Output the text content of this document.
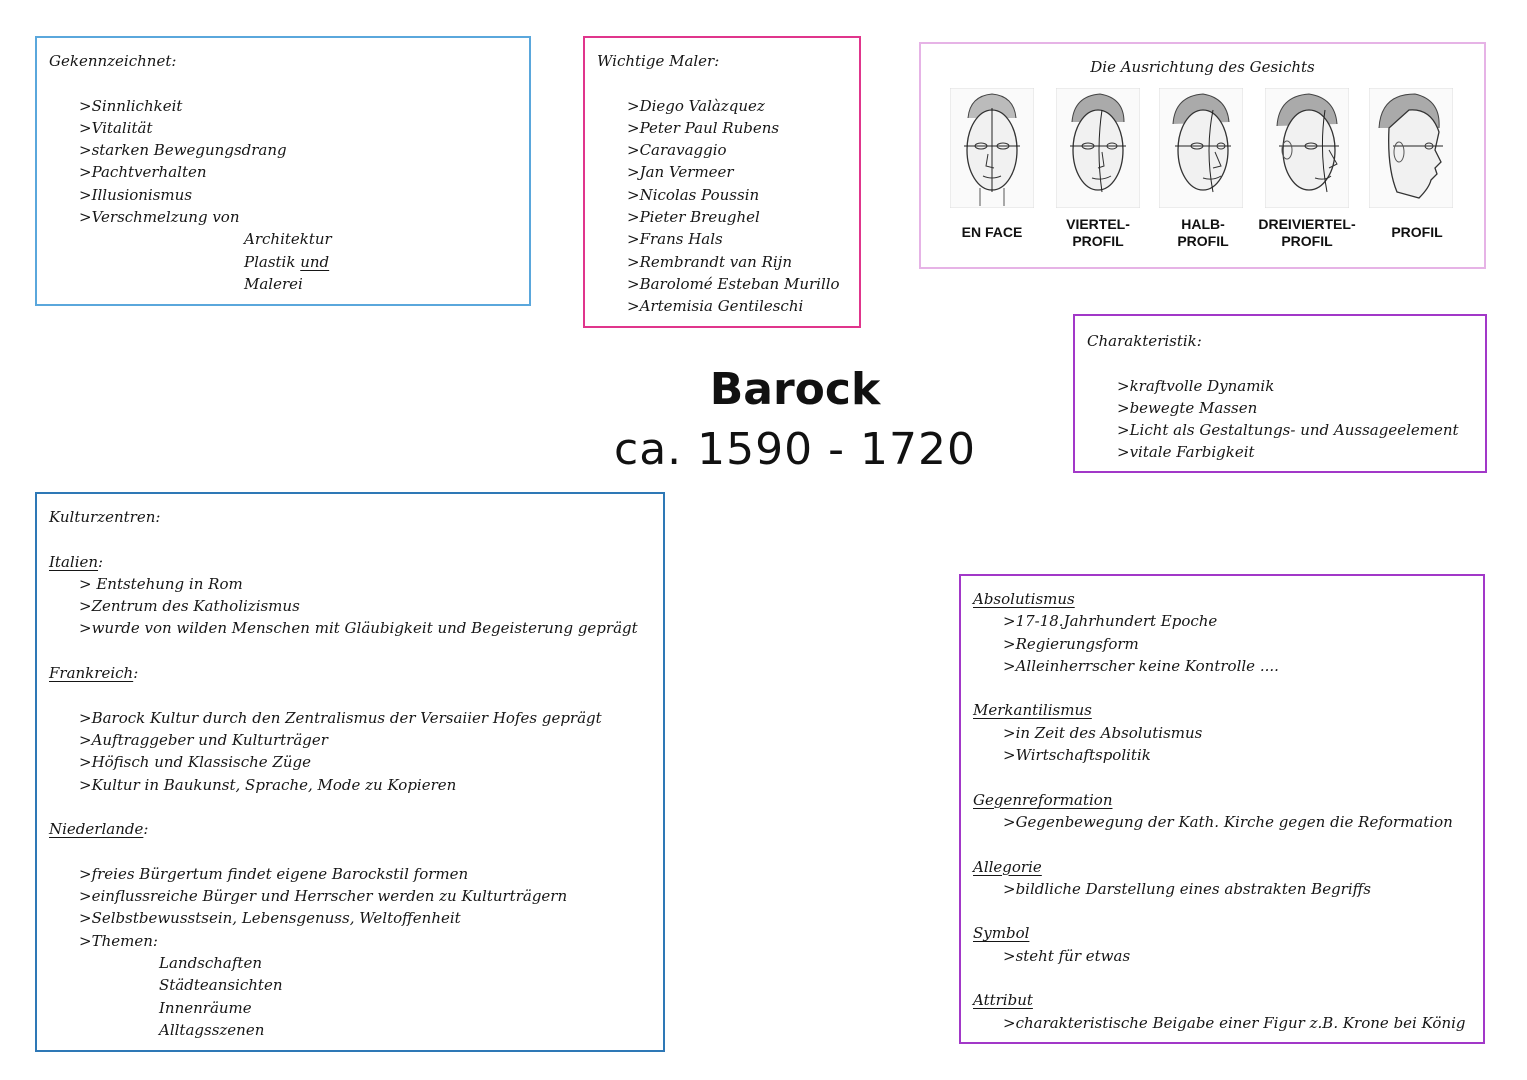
Gekennzeichnet:
>Sinnlichkeit
>Vitalität
>starken Bewegungsdrang
>Pachtverhalten
>Illusionismus
>Verschmelzung von
Architektur
Plastik und
Malerei
Wichtige Maler:
>Diego Valàzquez
>Peter Paul Rubens
>Caravaggio
>Jan Vermeer
>Nicolas Poussin
>Pieter Breughel
>Frans Hals
>Rembrandt van Rijn
>Barolomé Esteban Murillo
>Artemisia Gentileschi
Die Ausrichtung des Gesichts
EN FACE	VIERTEL-
PROFIL
HALB-
PROFIL
DREIVIERTEL-
PROFIL
PROFIL
Charakteristik:
>kraftvolle Dynamik
>bewegte Massen
>Licht als Gestaltungs- und Aussageelement
>vitale Farbigkeit
Barock
ca. 1590 - 1720
Kulturzentren:
Italien:
> Entstehung in Rom
>Zentrum des Katholizismus
>wurde von wilden Menschen mit Gläubigkeit und Begeisterung geprägt
Frankreich:
>Barock Kultur durch den Zentralismus der Versaiier Hofes geprägt
>Auftraggeber und Kulturträger
>Höfisch und Klassische Züge
>Kultur in Baukunst, Sprache, Mode zu Kopieren
Niederlande:
>freies Bürgertum findet eigene Barockstil formen
>einflussreiche Bürger und Herrscher werden zu Kulturträgern
>Selbstbewusstsein, Lebensgenuss, Weltoffenheit
>Themen:
Landschaften
Städteansichten
Innenräume
Alltagsszenen
Absolutismus
>17-18.Jahrhundert Epoche
>Regierungsform
>Alleinherrscher keine Kontrolle ....
Merkantilismus
>in Zeit des Absolutismus
>Wirtschaftspolitik
Gegenreformation
>Gegenbewegung der Kath. Kirche gegen die Reformation
Allegorie
>bildliche Darstellung eines abstrakten Begriffs
Symbol
>steht für etwas
Attribut
>charakteristische Beigabe einer Figur z.B. Krone bei König
